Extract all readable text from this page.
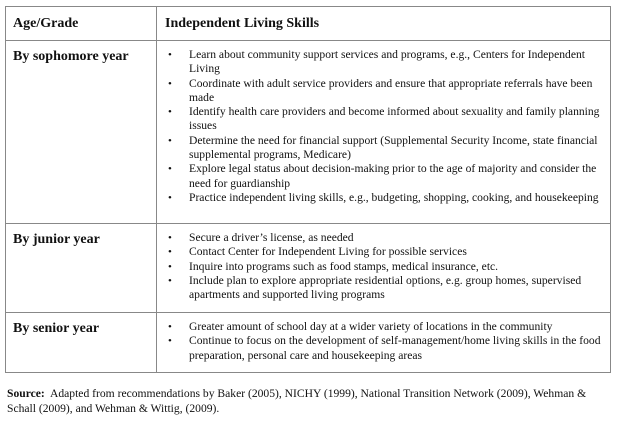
Age/Grade	Independent Living Skills
By sophomore year	• Learn about community support services and programs, e.g., Centers for Independent Living
• Coordinate with adult service providers and ensure that appropriate referrals have been made
• Identify health care providers and become informed about sexuality and family planning issues
• Determine the need for financial support (Supplemental Security Income, state financial supplemental programs, Medicare)
• Explore legal status about decision-making prior to the age of majority and consider the need for guardianship
• Practice independent living skills, e.g., budgeting, shopping, cooking, and housekeeping
By junior year	• Secure a driver’s license, as needed
• Contact Center for Independent Living for possible services
• Inquire into programs such as food stamps, medical insurance, etc.
• Include plan to explore appropriate residential options, e.g. group homes, supervised apartments and supported living programs
By senior year	• Greater amount of school day at a wider variety of locations in the community
• Continue to focus on the development of self-management/home living skills in the food preparation, personal care and housekeeping areas
Source: Adapted from recommendations by Baker (2005), NICHY (1999), National Transition Network (2009), Wehman & Schall (2009), and Wehman & Wittig, (2009).
